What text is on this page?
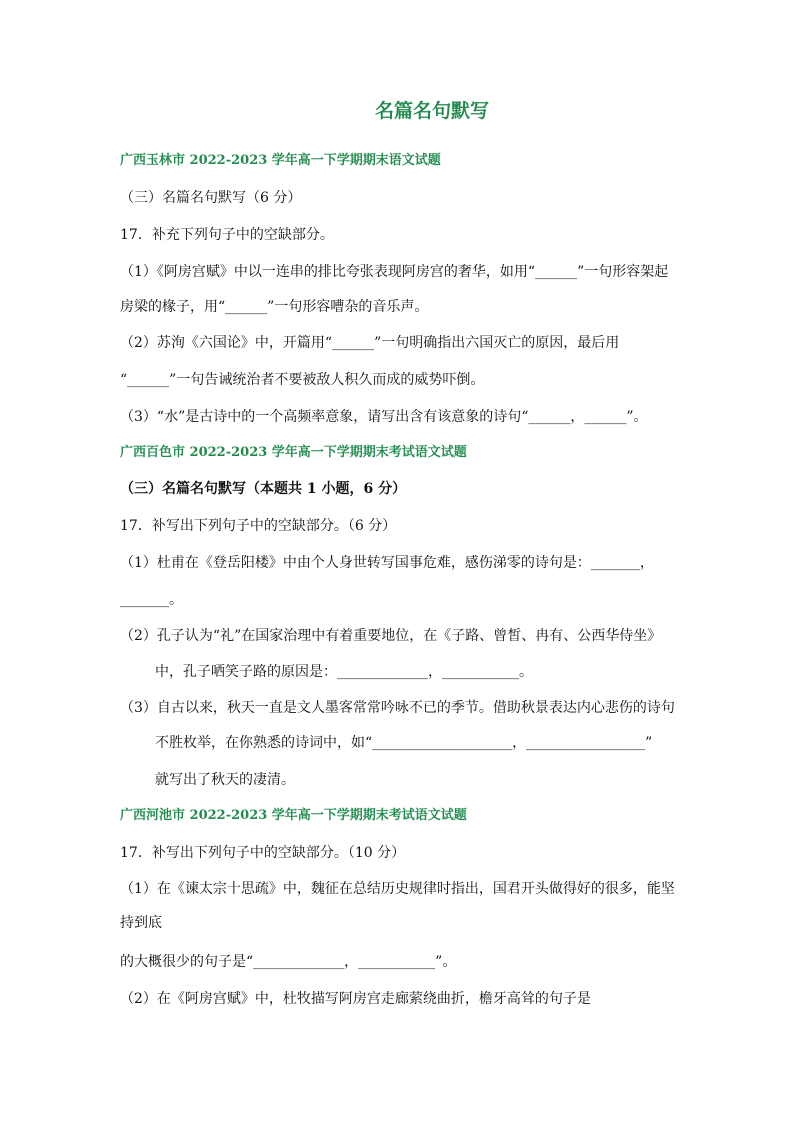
名篇名句默写
广西玉林市 2022-2023 学年高一下学期期末语文试题
（三）名篇名句默写（6 分）
17．补充下列句子中的空缺部分。
（1）《阿房宫赋》中以一连串的排比夸张表现阿房宫的奢华，如用“______”一句形容架起
房梁的椽子，用“______”一句形容嘈杂的音乐声。
（2）苏洵《六国论》中，开篇用“______”一句明确指出六国灭亡的原因，最后用
“______”一句告诫统治者不要被敌人积久而成的威势吓倒。
（3）“水”是古诗中的一个高频率意象，请写出含有该意象的诗句“______，______”。
广西百色市 2022-2023 学年高一下学期期末考试语文试题
（三）名篇名句默写（本题共 1 小题，6 分）
17．补写出下列句子中的空缺部分。（6 分）
（1）杜甫在《登岳阳楼》中由个人身世转写国事危难，感伤涕零的诗句是：_______，
_______。
（2）孔子认为“礼”在国家治理中有着重要地位，在《子路、曾皙、冉有、公西华侍坐》
中，孔子哂笑子路的原因是：_____________，___________。
（3）自古以来，秋天一直是文人墨客常常吟咏不已的季节。借助秋景表达内心悲伤的诗句
不胜枚举，在你熟悉的诗词中，如“____________________，_________________”
就写出了秋天的凄清。
广西河池市 2022-2023 学年高一下学期期末考试语文试题
17．补写出下列句子中的空缺部分。（10 分）
（1）在《谏太宗十思疏》中，魏征在总结历史规律时指出，国君开头做得好的很多，能坚
持到底
的大概很少的句子是“_____________，___________”。
（2）在《阿房宫赋》中，杜牧描写阿房宫走廊萦绕曲折，檐牙高耸的句子是
